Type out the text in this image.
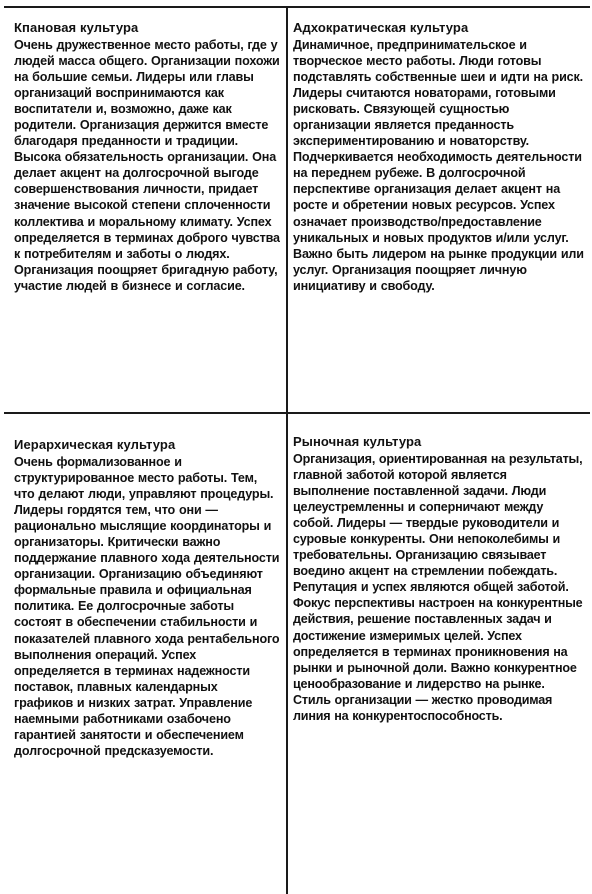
Кпановая культура

Очень дружественное место работы, где у людей масса общего. Организации похожи на большие семьи. Лидеры или главы организаций воспринимаются как воспитатели и, возможно, даже как родители. Организация держится вместе благодаря преданности и традиции. Высока обязательность организации. Она делает акцент на долгосрочной выгоде совершенствования личности, придает значение высокой степени сплоченности коллектива и моральному климату. Успех определяется в терминах доброго чувства к потребителям и заботы о людях. Организация поощряет бригадную работу, участие людей в бизнесе и согласие.

Адхократическая культура

Динамичное, предпринимательское и творческое место работы. Люди готовы подставлять собственные шеи и идти на риск. Лидеры считаются новаторами, готовыми рисковать. Связующей сущностью организации является преданность экспериментированию и новаторству. Подчеркивается необходимость деятельности на переднем рубеже. В долгосрочной перспективе организация делает акцент на росте и обретении новых ресурсов. Успех означает производство/предоставление уникальных и новых продуктов и/или услуг. Важно быть лидером на рынке продукции или услуг. Организация поощряет личную инициативу и свободу.

Иерархическая культура

Очень формализованное и структурированное место работы. Тем, что делают люди, управляют процедуры. Лидеры гордятся тем, что они — рационально мыслящие координаторы и организаторы. Критически важно поддержание плавного хода деятельности организации. Организацию объединяют формальные правила и официальная политика. Ее долгосрочные заботы состоят в обеспечении стабильности и показателей плавного хода рентабельного выполнения операций. Успех определяется в терминах надежности поставок, плавных календарных графиков и низких затрат. Управление наемными работниками озабочено гарантией занятости и обеспечением долгосрочной предсказуемости.

Рыночная культура

Организация, ориентированная на результаты, главной заботой которой является выполнение поставленной задачи. Люди целеустремленны и соперничают между собой. Лидеры — твердые руководители и суровые конкуренты. Они непоколебимы и требовательны. Организацию связывает воедино акцент на стремлении побеждать. Репутация и успех являются общей заботой. Фокус перспективы настроен на конкурентные действия, решение поставленных задач и достижение измеримых целей. Успех определяется в терминах проникновения на рынки и рыночной доли. Важно конкурентное ценообразование и лидерство на рынке. Стиль организации — жестко проводимая линия на конкурентоспособность.
